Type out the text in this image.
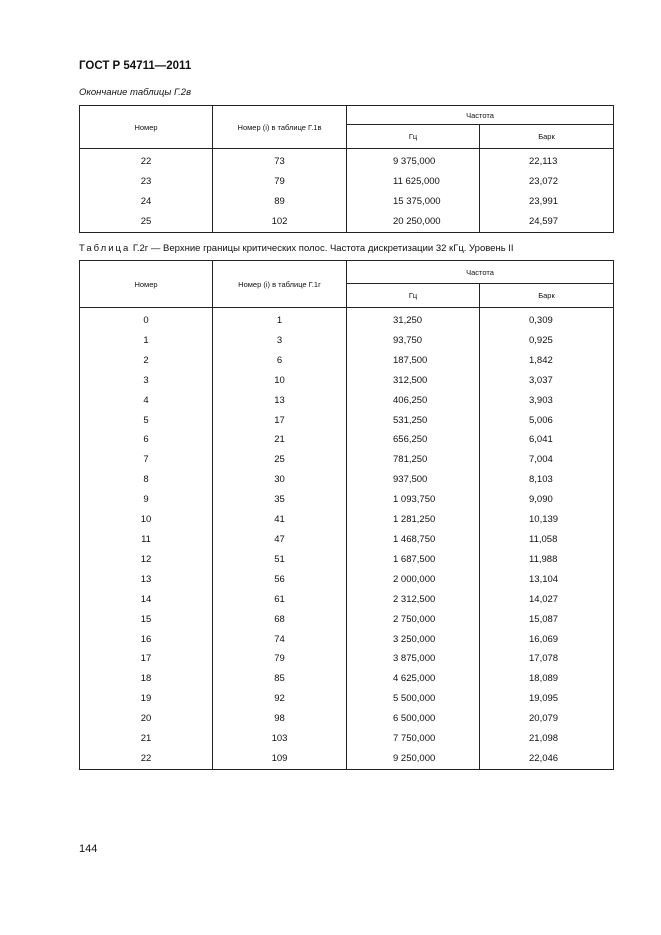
ГОСТ Р 54711—2011
Окончание таблицы Г.2в
Номер	Номер (i) в таблице Г.1в	Частота	
		Гц	Барк
22	73	9 375,000	22,113
23	79	11 625,000	23,072
24	89	15 375,000	23,991
25	102	20 250,000	24,597
Таблица Г.2г — Верхние границы критических полос. Частота дискретизации 32 кГц. Уровень II
Номер	Номер (i) в таблице Г.1г	Частота	
		Гц	Барк
0	1	31,250	0,309
1	3	93,750	0,925
2	6	187,500	1,842
3	10	312,500	3,037
4	13	406,250	3,903
5	17	531,250	5,006
6	21	656,250	6,041
7	25	781,250	7,004
8	30	937,500	8,103
9	35	1 093,750	9,090
10	41	1 281,250	10,139
11	47	1 468,750	11,058
12	51	1 687,500	11,988
13	56	2 000,000	13,104
14	61	2 312,500	14,027
15	68	2 750,000	15,087
16	74	3 250,000	16,069
17	79	3 875,000	17,078
18	85	4 625,000	18,089
19	92	5 500,000	19,095
20	98	6 500,000	20,079
21	103	7 750,000	21,098
22	109	9 250,000	22,046
144
